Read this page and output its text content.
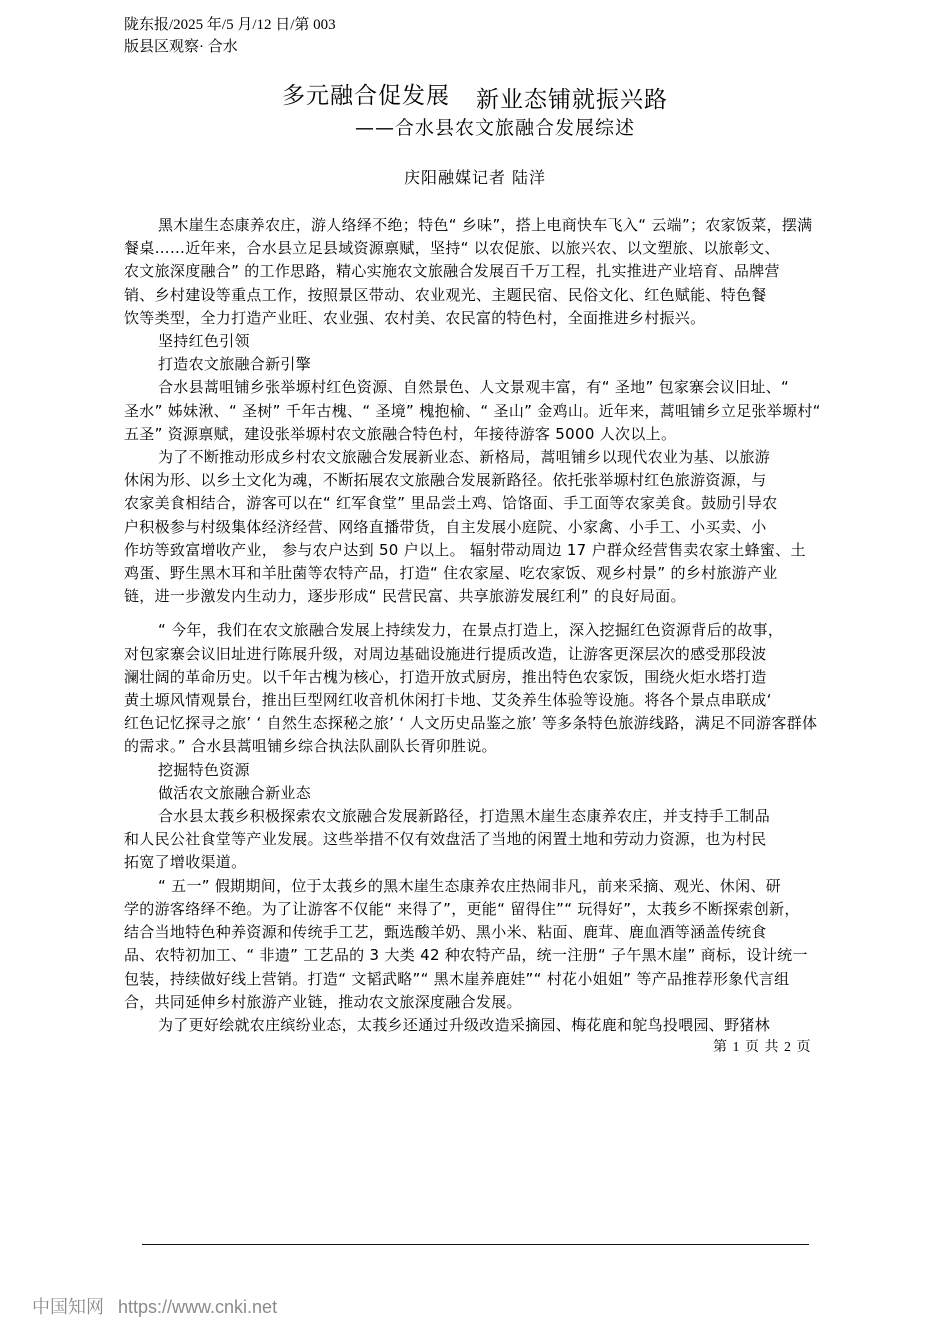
陇东报/2025 年/5 月/12 日/第 003
版县区观察· 合水
多元融合促发展 新业态铺就振兴路
——合水县农文旅融合发展综述
庆阳融媒记者 陆洋
黑木崖生态康养农庄，游人络绎不绝；特色“ 乡味”，搭上电商快车飞入“ 云端”；农家饭菜，摆满
餐桌……近年来，合水县立足县域资源禀赋，坚持“ 以农促旅、以旅兴农、以文塑旅、以旅彰文、
农文旅深度融合” 的工作思路，精心实施农文旅融合发展百千万工程，扎实推进产业培育、品牌营
销、乡村建设等重点工作，按照景区带动、农业观光、主题民宿、民俗文化、红色赋能、特色餐
饮等类型，全力打造产业旺、农业强、农村美、农民富的特色村，全面推进乡村振兴。
坚持红色引领
打造农文旅融合新引擎
合水县蒿咀铺乡张举塬村红色资源、自然景色、人文景观丰富，有“ 圣地” 包家寨会议旧址、“
圣水” 姊妹湫、“ 圣树” 千年古槐、“ 圣境” 槐抱榆、“ 圣山” 金鸡山。近年来，蒿咀铺乡立足张举塬村“
五圣” 资源禀赋，建设张举塬村农文旅融合特色村，年接待游客 5000 人次以上。
为了不断推动形成乡村农文旅融合发展新业态、新格局，蒿咀铺乡以现代农业为基、以旅游
休闲为形、以乡土文化为魂，不断拓展农文旅融合发展新路径。依托张举塬村红色旅游资源，与
农家美食相结合，游客可以在“ 红军食堂” 里品尝土鸡、饸饹面、手工面等农家美食。鼓励引导农
户积极参与村级集体经济经营、网络直播带货，自主发展小庭院、小家禽、小手工、小买卖、小
作坊等致富增收产业， 参与农户达到 50 户以上。 辐射带动周边 17 户群众经营售卖农家土蜂蜜、土
鸡蛋、野生黑木耳和羊肚菌等农特产品，打造“ 住农家屋、吃农家饭、观乡村景” 的乡村旅游产业
链，进一步激发内生动力，逐步形成“ 民营民富、共享旅游发展红利” 的良好局面。
“ 今年，我们在农文旅融合发展上持续发力，在景点打造上，深入挖掘红色资源背后的故事，
对包家寨会议旧址进行陈展升级，对周边基础设施进行提质改造，让游客更深层次的感受那段波
澜壮阔的革命历史。以千年古槐为核心，打造开放式厨房，推出特色农家饭，围绕火炬水塔打造
黄土塬风情观景台，推出巨型网红收音机休闲打卡地、艾灸养生体验等设施。将各个景点串联成‘
红色记忆探寻之旅’ ‘ 自然生态探秘之旅’ ‘ 人文历史品鉴之旅’ 等多条特色旅游线路，满足不同游客群体
的需求。” 合水县蒿咀铺乡综合执法队副队长胥卯胜说。
挖掘特色资源
做活农文旅融合新业态
合水县太莪乡积极探索农文旅融合发展新路径，打造黑木崖生态康养农庄，并支持手工制品
和人民公社食堂等产业发展。这些举措不仅有效盘活了当地的闲置土地和劳动力资源，也为村民
拓宽了增收渠道。
“ 五一” 假期期间，位于太莪乡的黑木崖生态康养农庄热闹非凡，前来采摘、观光、休闲、研
学的游客络绎不绝。为了让游客不仅能“ 来得了”，更能“ 留得住”“ 玩得好”，太莪乡不断探索创新，
结合当地特色种养资源和传统手工艺，甄选酸羊奶、黑小米、粘面、鹿茸、鹿血酒等涵盖传统食
品、农特初加工、“ 非遗” 工艺品的 3 大类 42 种农特产品，统一注册“ 子午黑木崖” 商标，设计统一
包装，持续做好线上营销。打造“ 文韬武略”“ 黑木崖养鹿娃”“ 村花小姐姐” 等产品推荐形象代言组
合，共同延伸乡村旅游产业链，推动农文旅深度融合发展。
为了更好绘就农庄缤纷业态，太莪乡还通过升级改造采摘园、梅花鹿和鸵鸟投喂园、野猪林
第 1 页 共 2 页
中国知网 https://www.cnki.net
